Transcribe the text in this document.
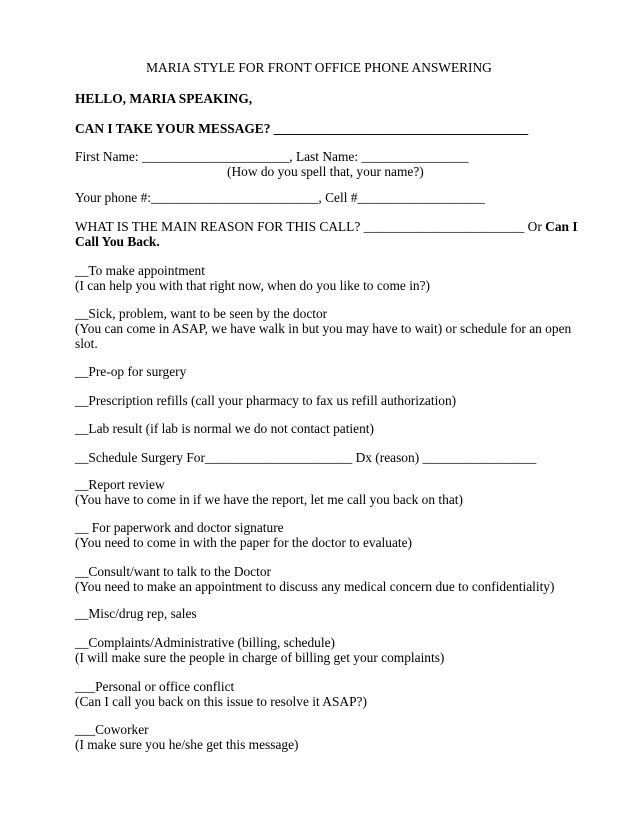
MARIA STYLE FOR FRONT OFFICE PHONE ANSWERING
HELLO, MARIA SPEAKING,
CAN I TAKE YOUR MESSAGE? ______________________________________
First Name: ______________________, Last Name: ________________
(How do you spell that, your name?)
Your phone #:_________________________, Cell #___________________
WHAT IS THE MAIN REASON FOR THIS CALL? ________________________ Or Can I
Call You Back.
__To make appointment
(I can help you with that right now, when do you like to come in?)
__Sick, problem, want to be seen by the doctor
(You can come in ASAP, we have walk in but you may have to wait) or schedule for an open
slot.
__Pre-op for surgery
__Prescription refills (call your pharmacy to fax us refill authorization)
__Lab result (if lab is normal we do not contact patient)
__Schedule Surgery For______________________ Dx (reason) _________________
__Report review
(You have to come in if we have the report, let me call you back on that)
__ For paperwork and doctor signature
(You need to come in with the paper for the doctor to evaluate)
__Consult/want to talk to the Doctor
(You need to make an appointment to discuss any medical concern due to confidentiality)
__Misc/drug rep, sales
__Complaints/Administrative (billing, schedule)
(I will make sure the people in charge of billing get your complaints)
___Personal or office conflict
(Can I call you back on this issue to resolve it ASAP?)
___Coworker
(I make sure you he/she get this message)
